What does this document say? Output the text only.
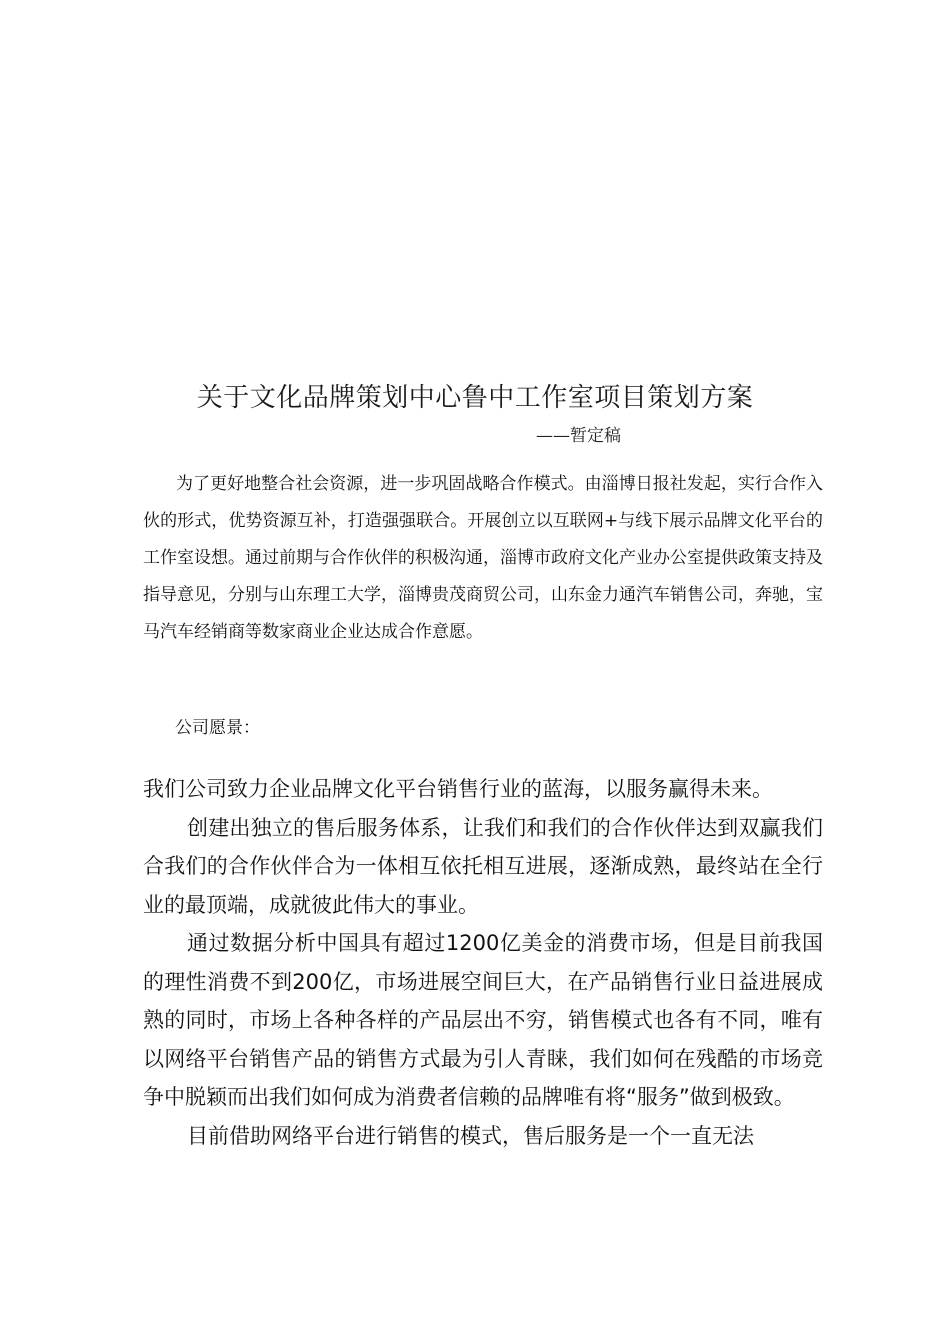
关于文化品牌策划中心鲁中工作室项目策划方案
——暂定稿

为了更好地整合社会资源，进一步巩固战略合作模式。由淄博日报社发起，实行合作入伙的形式，优势资源互补，打造强强联合。开展创立以互联网+与线下展示品牌文化平台的工作室设想。通过前期与合作伙伴的积极沟通，淄博市政府文化产业办公室提供政策支持及指导意见，分别与山东理工大学，淄博贵茂商贸公司，山东金力通汽车销售公司，奔驰，宝马汽车经销商等数家商业企业达成合作意愿。

公司愿景：

我们公司致力企业品牌文化平台销售行业的蓝海，以服务赢得未来。

创建出独立的售后服务体系，让我们和我们的合作伙伴达到双赢我们合我们的合作伙伴合为一体相互依托相互进展，逐渐成熟，最终站在全行业的最顶端，成就彼此伟大的事业。

通过数据分析中国具有超过1200亿美金的消费市场，但是目前我国的理性消费不到200亿，市场进展空间巨大，在产品销售行业日益进展成熟的同时，市场上各种各样的产品层出不穷，销售模式也各有不同，唯有以网络平台销售产品的销售方式最为引人青睐，我们如何在残酷的市场竞争中脱颖而出我们如何成为消费者信赖的品牌唯有将“服务”做到极致。

目前借助网络平台进行销售的模式，售后服务是一个一直无法
